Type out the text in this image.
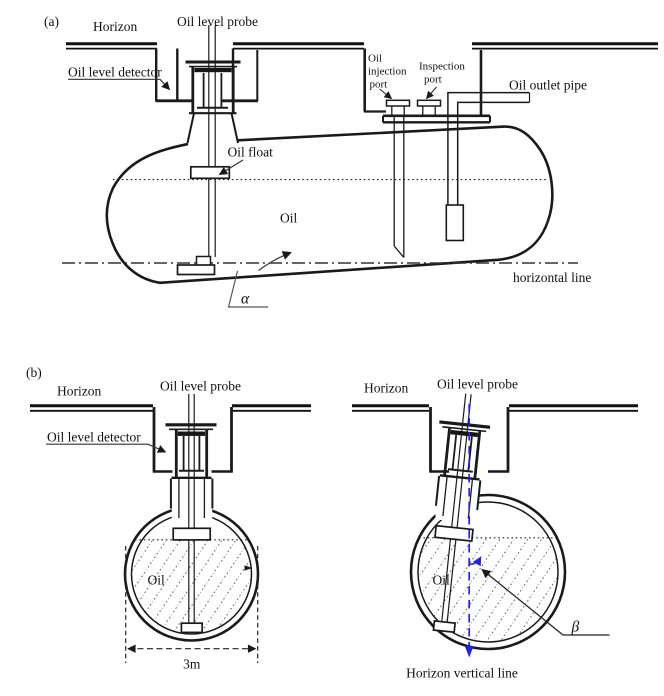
(a)	Horizon	Oil level probe
Oil level detector
Oil float
Oil
injection
port
Inspection
port	Oil outlet pipe
Oil
horizontal line
α
(b)
Horizon	Oil level probe
Oil level detector
Oil
3m
Horizon Oil level probe
Oil
β
Horizon vertical line
